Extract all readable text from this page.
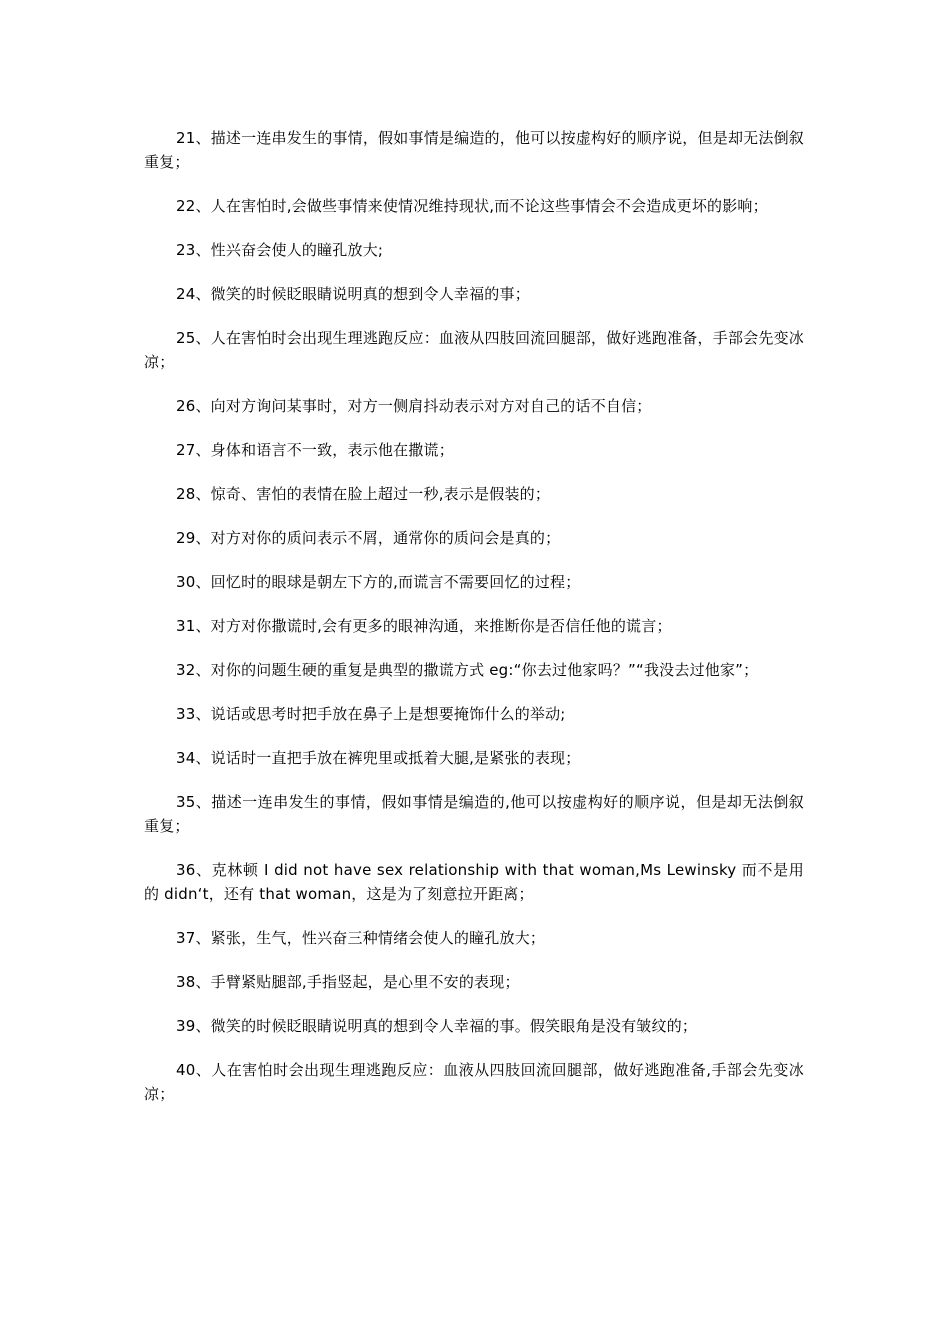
21、描述一连串发生的事情，假如事情是编造的，他可以按虚构好的顺序说，但是却无法倒叙重复；

22、人在害怕时,会做些事情来使情况维持现状,而不论这些事情会不会造成更坏的影响；

23、性兴奋会使人的瞳孔放大;

24、微笑的时候眨眼睛说明真的想到令人幸福的事；

25、人在害怕时会出现生理逃跑反应：血液从四肢回流回腿部，做好逃跑准备，手部会先变冰凉；

26、向对方询问某事时，对方一侧肩抖动表示对方对自己的话不自信；

27、身体和语言不一致，表示他在撒谎；

28、惊奇、害怕的表情在脸上超过一秒,表示是假装的；

29、对方对你的质问表示不屑，通常你的质问会是真的；

30、回忆时的眼球是朝左下方的,而谎言不需要回忆的过程；

31、对方对你撒谎时,会有更多的眼神沟通，来推断你是否信任他的谎言；

32、对你的问题生硬的重复是典型的撒谎方式 eg:“你去过他家吗？”“我没去过他家”；

33、说话或思考时把手放在鼻子上是想要掩饰什么的举动;

34、说话时一直把手放在裤兜里或抵着大腿,是紧张的表现；

35、描述一连串发生的事情，假如事情是编造的,他可以按虚构好的顺序说，但是却无法倒叙重复；

36、克林顿 I did not have sex relationship with that woman,Ms Lewinsky 而不是用的 didn‘t，还有 that woman，这是为了刻意拉开距离；

37、紧张，生气，性兴奋三种情绪会使人的瞳孔放大；

38、手臂紧贴腿部,手指竖起，是心里不安的表现；

39、微笑的时候眨眼睛说明真的想到令人幸福的事。假笑眼角是没有皱纹的；

40、人在害怕时会出现生理逃跑反应：血液从四肢回流回腿部，做好逃跑准备,手部会先变冰凉；
